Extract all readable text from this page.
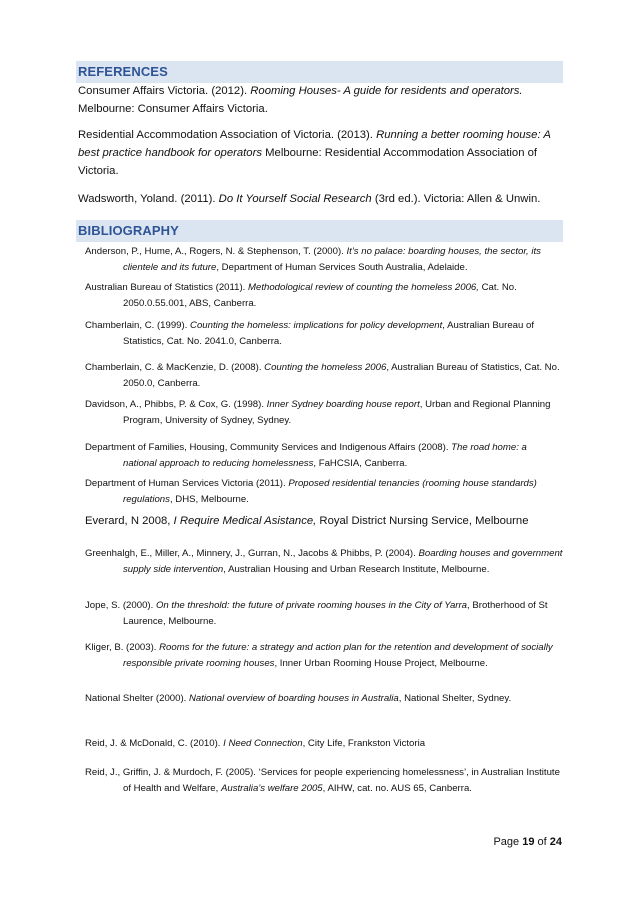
REFERENCES
Consumer Affairs Victoria. (2012). Rooming Houses- A guide for residents and operators. Melbourne: Consumer Affairs Victoria.
Residential Accommodation Association of Victoria. (2013). Running a better rooming house: A best practice handbook for operators Melbourne: Residential Accommodation Association of Victoria.
Wadsworth, Yoland. (2011). Do It Yourself Social Research (3rd ed.). Victoria: Allen & Unwin.
BIBLIOGRAPHY
Anderson, P., Hume, A., Rogers, N. & Stephenson, T. (2000). It’s no palace: boarding houses, the sector, its clientele and its future, Department of Human Services South Australia, Adelaide.
Australian Bureau of Statistics (2011). Methodological review of counting the homeless 2006, Cat. No. 2050.0.55.001, ABS, Canberra.
Chamberlain, C. (1999). Counting the homeless: implications for policy development, Australian Bureau of Statistics, Cat. No. 2041.0, Canberra.
Chamberlain, C. & MacKenzie, D. (2008). Counting the homeless 2006, Australian Bureau of Statistics, Cat. No. 2050.0, Canberra.
Davidson, A., Phibbs, P. & Cox, G. (1998). Inner Sydney boarding house report, Urban and Regional Planning Program, University of Sydney, Sydney.
Department of Families, Housing, Community Services and Indigenous Affairs (2008). The road home: a national approach to reducing homelessness, FaHCSIA, Canberra.
Department of Human Services Victoria (2011). Proposed residential tenancies (rooming house standards) regulations, DHS, Melbourne.
Everard, N 2008, I Require Medical Asistance, Royal District Nursing Service, Melbourne
Greenhalgh, E., Miller, A., Minnery, J., Gurran, N., Jacobs & Phibbs, P. (2004). Boarding houses and government supply side intervention, Australian Housing and Urban Research Institute, Melbourne.
Jope, S. (2000). On the threshold: the future of private rooming houses in the City of Yarra, Brotherhood of St Laurence, Melbourne.
Kliger, B. (2003). Rooms for the future: a strategy and action plan for the retention and development of socially responsible private rooming houses, Inner Urban Rooming House Project, Melbourne.
National Shelter (2000). National overview of boarding houses in Australia, National Shelter, Sydney.
Reid, J. & McDonald, C. (2010). I Need Connection, City Life, Frankston Victoria
Reid, J., Griffin, J. & Murdoch, F. (2005). ‘Services for people experiencing homelessness’, in Australian Institute of Health and Welfare, Australia’s welfare 2005, AIHW, cat. no. AUS 65, Canberra.
Page 19 of 24
